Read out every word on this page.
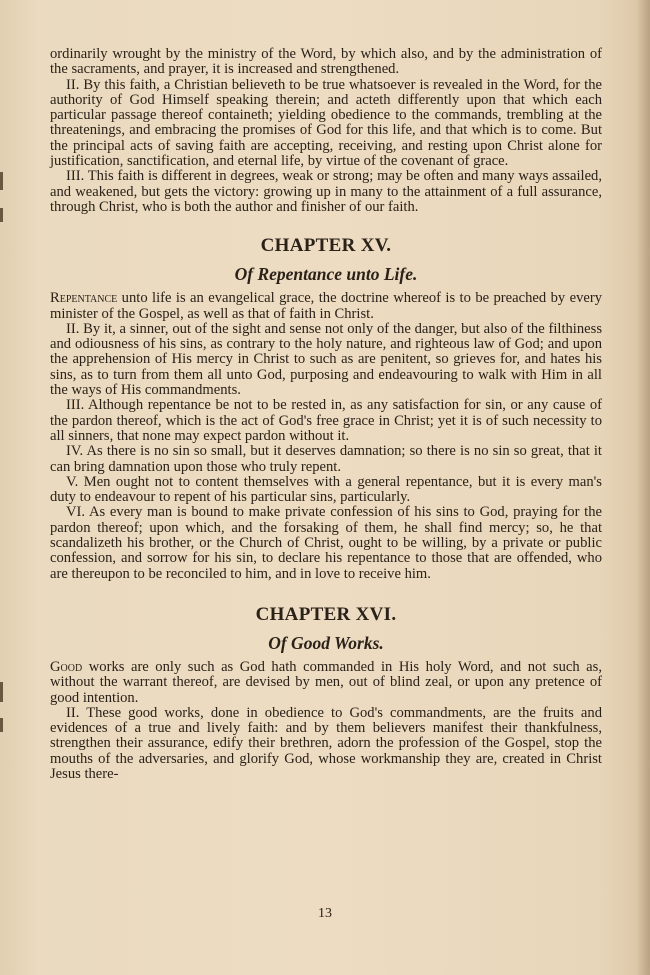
ordinarily wrought by the ministry of the Word, by which also, and by the administration of the sacraments, and prayer, it is increased and strengthened.

II. By this faith, a Christian believeth to be true whatsoever is revealed in the Word, for the authority of God Himself speaking therein; and acteth differently upon that which each particular passage thereof containeth; yielding obedience to the commands, trembling at the threatenings, and embracing the promises of God for this life, and that which is to come. But the principal acts of saving faith are accepting, receiving, and resting upon Christ alone for justification, sanctification, and eternal life, by virtue of the covenant of grace.

III. This faith is different in degrees, weak or strong; may be often and many ways assailed, and weakened, but gets the victory: growing up in many to the attainment of a full assurance, through Christ, who is both the author and finisher of our faith.

CHAPTER XV.
Of Repentance unto Life.

Repentance unto life is an evangelical grace, the doctrine whereof is to be preached by every minister of the Gospel, as well as that of faith in Christ.

II. By it, a sinner, out of the sight and sense not only of the danger, but also of the filthiness and odiousness of his sins, as contrary to the holy nature, and righteous law of God; and upon the apprehension of His mercy in Christ to such as are penitent, so grieves for, and hates his sins, as to turn from them all unto God, purposing and endeavouring to walk with Him in all the ways of His commandments.

III. Although repentance be not to be rested in, as any satisfaction for sin, or any cause of the pardon thereof, which is the act of God's free grace in Christ; yet it is of such necessity to all sinners, that none may expect pardon without it.

IV. As there is no sin so small, but it deserves damnation; so there is no sin so great, that it can bring damnation upon those who truly repent.

V. Men ought not to content themselves with a general repentance, but it is every man's duty to endeavour to repent of his particular sins, particularly.

VI. As every man is bound to make private confession of his sins to God, praying for the pardon thereof; upon which, and the forsaking of them, he shall find mercy; so, he that scandalizeth his brother, or the Church of Christ, ought to be willing, by a private or public confession, and sorrow for his sin, to declare his repentance to those that are offended, who are thereupon to be reconciled to him, and in love to receive him.

CHAPTER XVI.
Of Good Works.

Good works are only such as God hath commanded in His holy Word, and not such as, without the warrant thereof, are devised by men, out of blind zeal, or upon any pretence of good intention.

II. These good works, done in obedience to God's commandments, are the fruits and evidences of a true and lively faith: and by them believers manifest their thankfulness, strengthen their assurance, edify their brethren, adorn the profession of the Gospel, stop the mouths of the adversaries, and glorify God, whose workmanship they are, created in Christ Jesus there-

13
